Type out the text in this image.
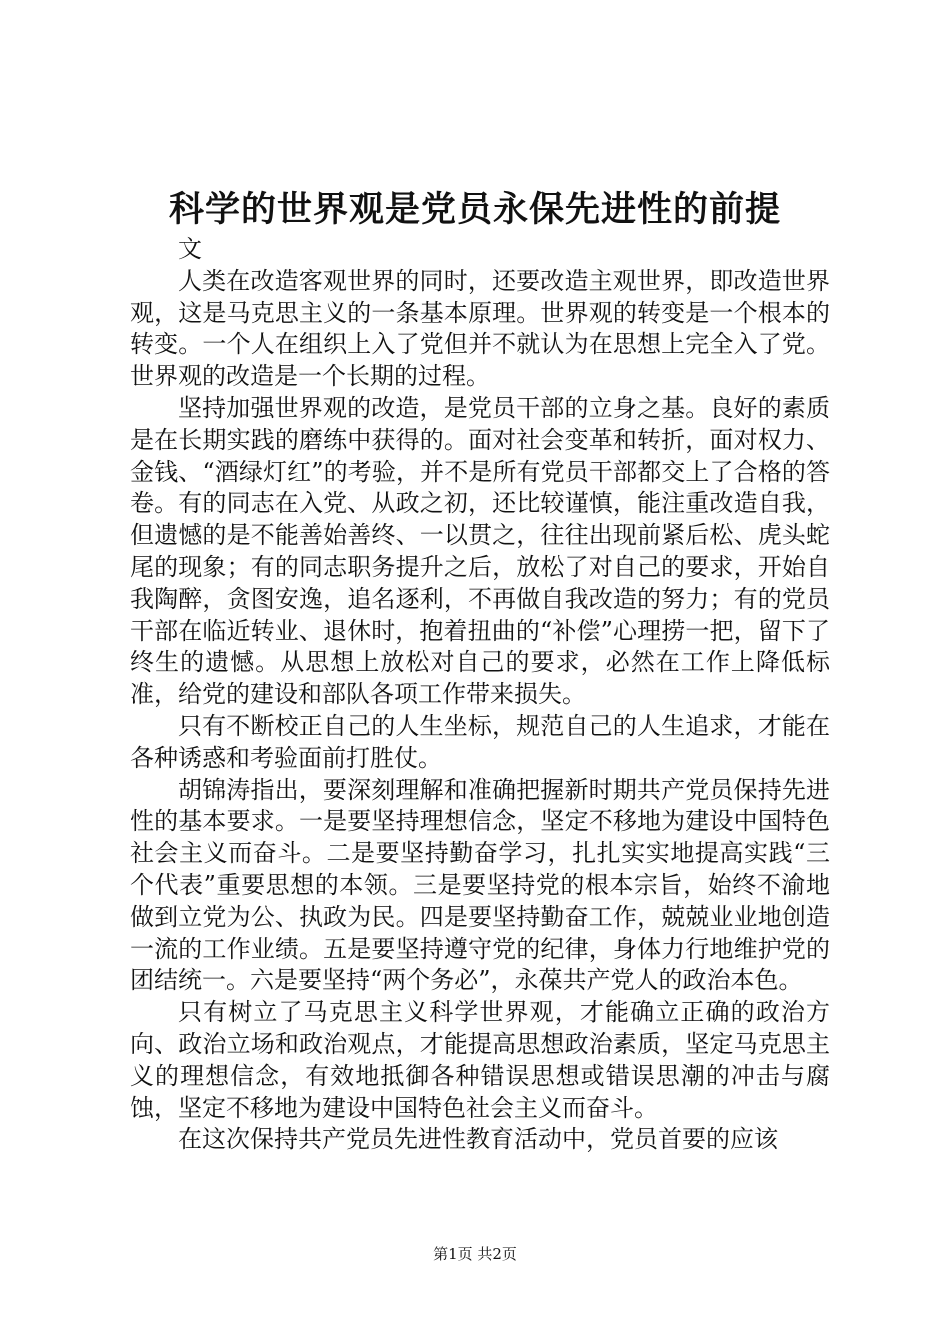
科学的世界观是党员永保先进性的前提

文

人类在改造客观世界的同时，还要改造主观世界，即改造世界观，这是马克思主义的一条基本原理。世界观的转变是一个根本的转变。一个人在组织上入了党但并不就认为在思想上完全入了党。世界观的改造是一个长期的过程。

坚持加强世界观的改造，是党员干部的立身之基。良好的素质是在长期实践的磨练中获得的。面对社会变革和转折，面对权力、金钱、“酒绿灯红”的考验，并不是所有党员干部都交上了合格的答卷。有的同志在入党、从政之初，还比较谨慎，能注重改造自我，但遗憾的是不能善始善终、一以贯之，往往出现前紧后松、虎头蛇尾的现象；有的同志职务提升之后，放松了对自己的要求，开始自我陶醉，贪图安逸，追名逐利，不再做自我改造的努力；有的党员干部在临近转业、退休时，抱着扭曲的“补偿”心理捞一把，留下了终生的遗憾。从思想上放松对自己的要求，必然在工作上降低标准，给党的建设和部队各项工作带来损失。

只有不断校正自己的人生坐标，规范自己的人生追求，才能在各种诱惑和考验面前打胜仗。

胡锦涛指出，要深刻理解和准确把握新时期共产党员保持先进性的基本要求。一是要坚持理想信念，坚定不移地为建设中国特色社会主义而奋斗。二是要坚持勤奋学习，扎扎实实地提高实践“三个代表”重要思想的本领。三是要坚持党的根本宗旨，始终不渝地做到立党为公、执政为民。四是要坚持勤奋工作，兢兢业业地创造一流的工作业绩。五是要坚持遵守党的纪律，身体力行地维护党的团结统一。六是要坚持“两个务必”，永葆共产党人的政治本色。

只有树立了马克思主义科学世界观，才能确立正确的政治方向、政治立场和政治观点，才能提高思想政治素质，坚定马克思主义的理想信念，有效地抵御各种错误思想或错误思潮的冲击与腐蚀，坚定不移地为建设中国特色社会主义而奋斗。

在这次保持共产党员先进性教育活动中，党员首要的应该

第1页 共2页
